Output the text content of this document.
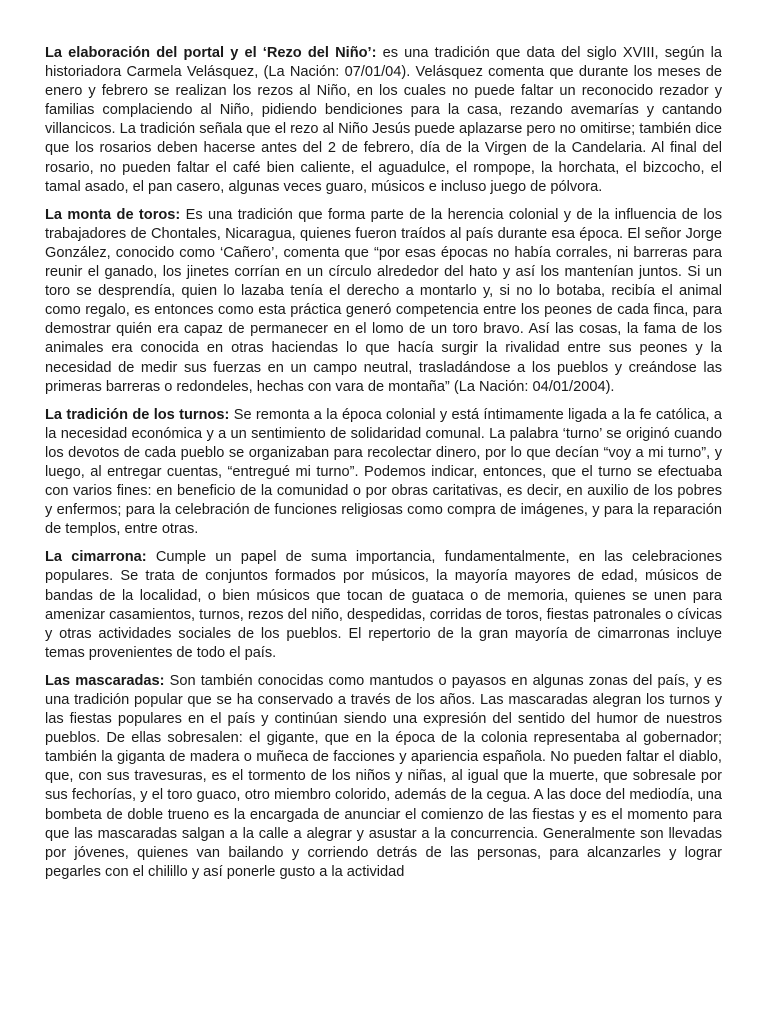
La elaboración del portal y el ‘Rezo del Niño’: es una tradición que data del siglo XVIII, según la historiadora Carmela Velásquez, (La Nación: 07/01/04). Velásquez comenta que durante los meses de enero y febrero se realizan los rezos al Niño, en los cuales no puede faltar un reconocido rezador y familias complaciendo al Niño, pidiendo bendiciones para la casa, rezando avemarías y cantando villancicos. La tradición señala que el rezo al Niño Jesús puede aplazarse pero no omitirse; también dice que los rosarios deben hacerse antes del 2 de febrero, día de la Virgen de la Candelaria. Al final del rosario, no pueden faltar el café bien caliente, el aguadulce, el rompope, la horchata, el bizcocho, el tamal asado, el pan casero, algunas veces guaro, músicos e incluso juego de pólvora.

La monta de toros: Es una tradición que forma parte de la herencia colonial y de la influencia de los trabajadores de Chontales, Nicaragua, quienes fueron traídos al país durante esa época. El señor Jorge González, conocido como ‘Cañero’, comenta que “por esas épocas no había corrales, ni barreras para reunir el ganado, los jinetes corrían en un círculo alrededor del hato y así los mantenían juntos. Si un toro se desprendía, quien lo lazaba tenía el derecho a montarlo y, si no lo botaba, recibía el animal como regalo, es entonces como esta práctica generó competencia entre los peones de cada finca, para demostrar quién era capaz de permanecer en el lomo de un toro bravo. Así las cosas, la fama de los animales era conocida en otras haciendas lo que hacía surgir la rivalidad entre sus peones y la necesidad de medir sus fuerzas en un campo neutral, trasladándose a los pueblos y creándose las primeras barreras o redondeles, hechas con vara de montaña” (La Nación: 04/01/2004).

La tradición de los turnos: Se remonta a la época colonial y está íntimamente ligada a la fe católica, a la necesidad económica y a un sentimiento de solidaridad comunal. La palabra ‘turno’ se originó cuando los devotos de cada pueblo se organizaban para recolectar dinero, por lo que decían “voy a mi turno”, y luego, al entregar cuentas, “entregué mi turno”. Podemos indicar, entonces, que el turno se efectuaba con varios fines: en beneficio de la comunidad o por obras caritativas, es decir, en auxilio de los pobres y enfermos; para la celebración de funciones religiosas como compra de imágenes, y para la reparación de templos, entre otras.

La cimarrona: Cumple un papel de suma importancia, fundamentalmente, en las celebraciones populares. Se trata de conjuntos formados por músicos, la mayoría mayores de edad, músicos de bandas de la localidad, o bien músicos que tocan de guataca o de memoria, quienes se unen para amenizar casamientos, turnos, rezos del niño, despedidas, corridas de toros, fiestas patronales o cívicas y otras actividades sociales de los pueblos. El repertorio de la gran mayoría de cimarronas incluye temas provenientes de todo el país.

Las mascaradas: Son también conocidas como mantudos o payasos en algunas zonas del país, y es una tradición popular que se ha conservado a través de los años. Las mascaradas alegran los turnos y las fiestas populares en el país y continúan siendo una expresión del sentido del humor de nuestros pueblos. De ellas sobresalen: el gigante, que en la época de la colonia representaba al gobernador; también la giganta de madera o muñeca de facciones y apariencia española. No pueden faltar el diablo, que, con sus travesuras, es el tormento de los niños y niñas, al igual que la muerte, que sobresale por sus fechorías, y el toro guaco, otro miembro colorido, además de la cegua. A las doce del mediodía, una bombeta de doble trueno es la encargada de anunciar el comienzo de las fiestas y es el momento para que las mascaradas salgan a la calle a alegrar y asustar a la concurrencia. Generalmente son llevadas por jóvenes, quienes van bailando y corriendo detrás de las personas, para alcanzarles y lograr pegarles con el chilillo y así ponerle gusto a la actividad
